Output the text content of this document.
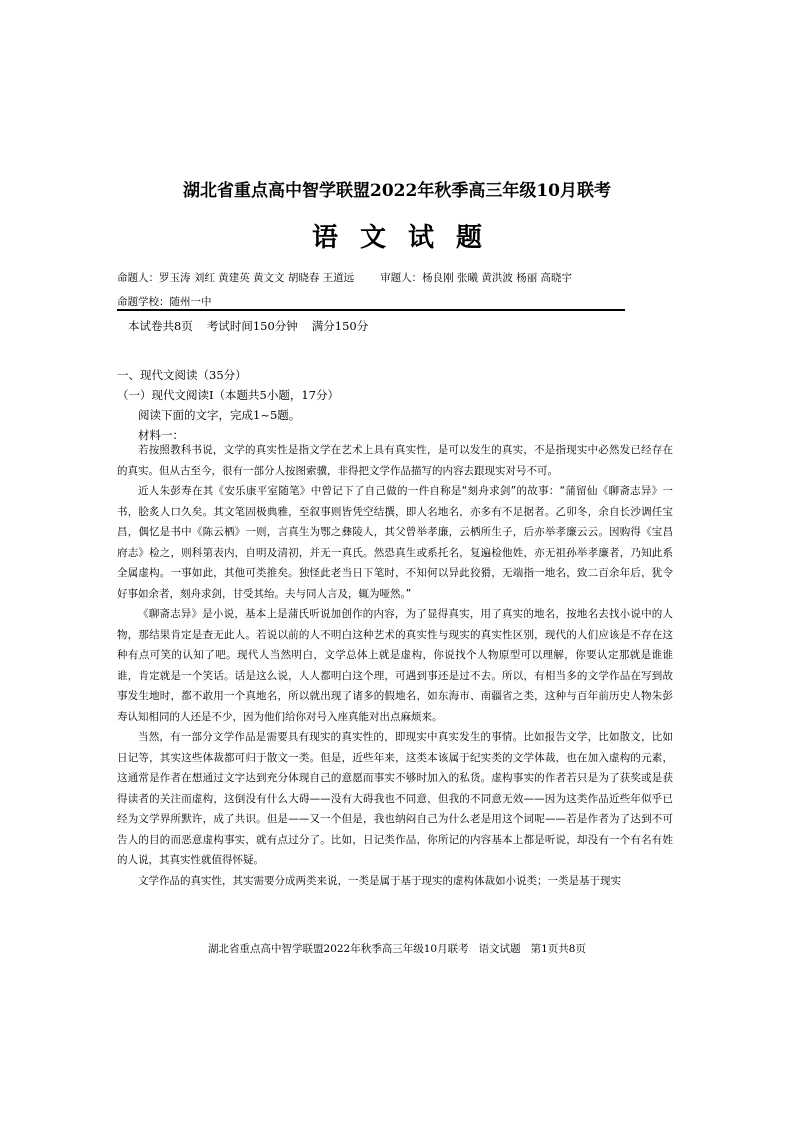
湖北省重点高中智学联盟2022年秋季高三年级10月联考
语文试题
命题人：罗玉涛 刘红 黄建英 黄文文 胡晓春 王道远 审题人：杨良刚 张曦 黄洪波 杨丽 高晓宇
命题学校：随州一中
本试卷共8页 考试时间150分钟 满分150分
一、现代文阅读（35分）
（一）现代文阅读Ⅰ（本题共5小题，17分）
阅读下面的文字，完成1~5题。
材料一：

若按照教科书说，文学的真实性是指文学在艺术上具有真实性，是可以发生的真实，不是指现实中必然发已经存在的真实。但从古至今，很有一部分人按图索骥，非得把文学作品描写的内容去跟现实对号不可。

近人朱彭寿在其《安乐康平室随笔》中曾记下了自己做的一件自称是“刻舟求剑”的故事：“蒲留仙《聊斋志异》一书，脍炙人口久矣。其文笔固极典雅，至叙事则皆凭空结撰，即人名地名，亦多有不足据者。乙卯冬，余自长沙调任宝昌，偶忆是书中《陈云栖》一则，言真生为鄂之彝陵人，其父曾举孝廉，云栖所生子，后亦举孝廉云云。因购得《宝昌府志》检之，则科第表内，自明及清初，并无一真氏。然恐真生或系托名，复遍检他姓，亦无祖孙举孝廉者，乃知此系全属虚构。一事如此，其他可类推矣。独怪此老当日下笔时，不知何以异此狡猾，无端指一地名，致二百余年后，犹令好事如余者，刻舟求剑，甘受其绐。夫与同人言及，辄为哑然。”

《聊斋志异》是小说，基本上是蒲氏听说加创作的内容，为了显得真实，用了真实的地名，按地名去找小说中的人物，那结果肯定是查无此人。若说以前的人不明白这种艺术的真实性与现实的真实性区别，现代的人们应该是不存在这种有点可笑的认知了吧。现代人当然明白，文学总体上就是虚构，你说找个人物原型可以理解，你要认定那就是谁谁谁，肯定就是一个笑话。话是这么说，人人都明白这个理，可遇到事还是过不去。所以，有相当多的文学作品在写到故事发生地时，都不敢用一个真地名，所以就出现了诸多的假地名，如东海市、南疆省之类，这种与百年前历史人物朱彭寿认知相同的人还是不少，因为他们给你对号入座真能对出点麻烦来。

当然，有一部分文学作品是需要具有现实的真实性的，即现实中真实发生的事情。比如报告文学，比如散文，比如日记等，其实这些体裁都可归于散文一类。但是，近些年来，这类本该属于纪实类的文学体裁，也在加入虚构的元素，这通常是作者在想通过文字达到充分体现自己的意愿而事实不够时加入的私货。虚构事实的作者若只是为了获奖或是获得读者的关注而虚构，这倒没有什么大碍——没有大碍我也不同意，但我的不同意无效——因为这类作品近些年似乎已经为文学界所默许，成了共识。但是——又一个但是，我也纳闷自己为什么老是用这个词呢——若是作者为了达到不可告人的目的而恶意虚构事实，就有点过分了。比如，日记类作品，你所记的内容基本上都是听说，却没有一个有名有姓的人说，其真实性就值得怀疑。

文学作品的真实性，其实需要分成两类来说，一类是属于基于现实的虚构体裁如小说类；一类是基于现实

湖北省重点高中智学联盟2022年秋季高三年级10月联考 语文试题 第1页共8页
